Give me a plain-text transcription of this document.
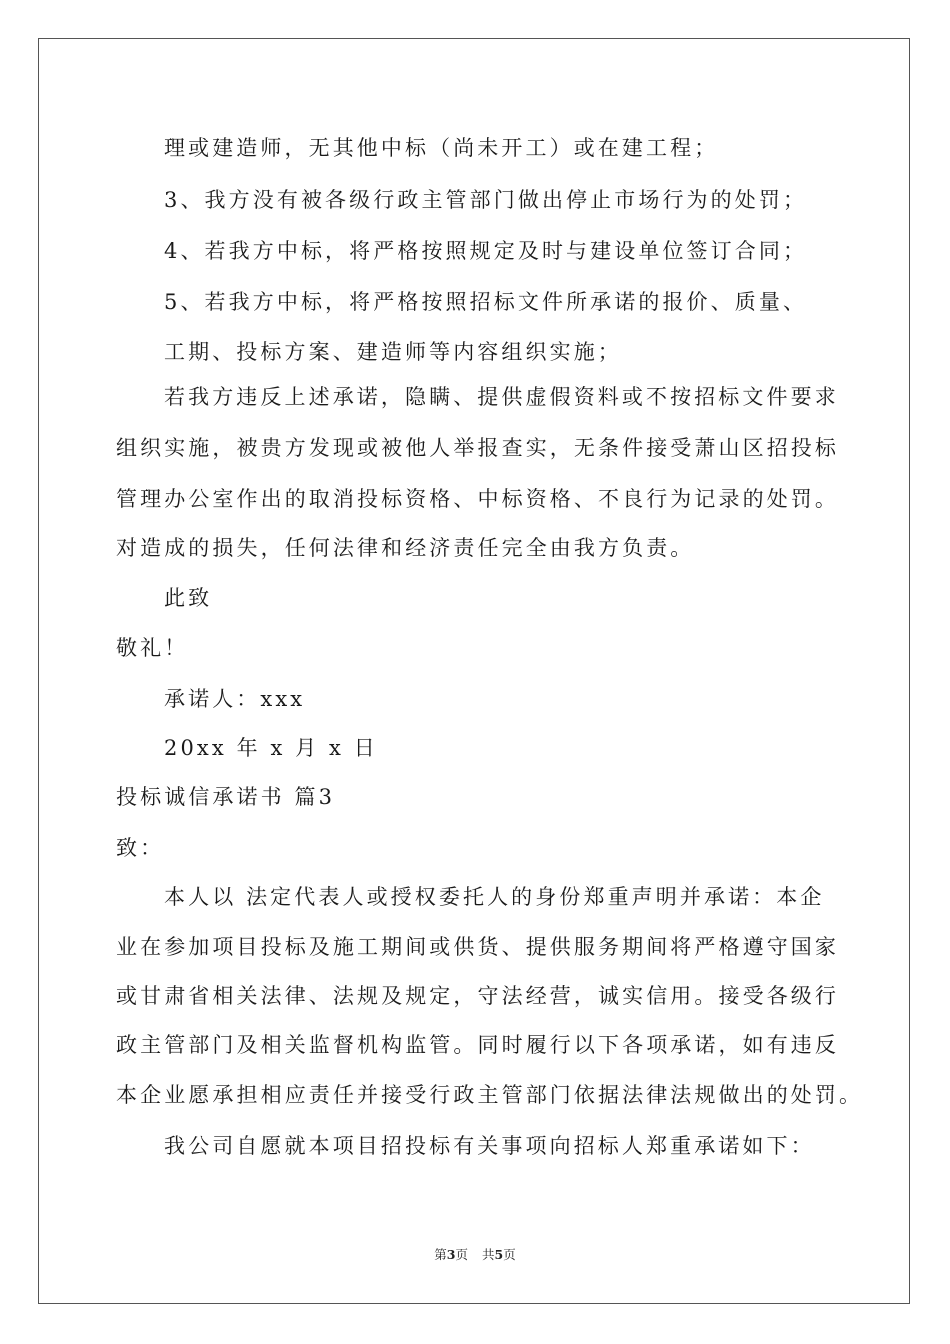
理或建造师，无其他中标（尚未开工）或在建工程；
3、我方没有被各级行政主管部门做出停止市场行为的处罚；
4、若我方中标，将严格按照规定及时与建设单位签订合同；
5、若我方中标，将严格按照招标文件所承诺的报价、质量、
工期、投标方案、建造师等内容组织实施；
若我方违反上述承诺，隐瞒、提供虚假资料或不按招标文件要求
组织实施，被贵方发现或被他人举报查实，无条件接受萧山区招投标
管理办公室作出的取消投标资格、中标资格、不良行为记录的处罚。
对造成的损失，任何法律和经济责任完全由我方负责。
此致
敬礼！
承诺人：xxx
20xx 年 x 月 x 日
投标诚信承诺书 篇3
致：
本人以 法定代表人或授权委托人的身份郑重声明并承诺：本企
业在参加项目投标及施工期间或供货、提供服务期间将严格遵守国家
或甘肃省相关法律、法规及规定，守法经营，诚实信用。接受各级行
政主管部门及相关监督机构监管。同时履行以下各项承诺，如有违反
本企业愿承担相应责任并接受行政主管部门依据法律法规做出的处罚。
我公司自愿就本项目招投标有关事项向招标人郑重承诺如下：
第3页 共5页
